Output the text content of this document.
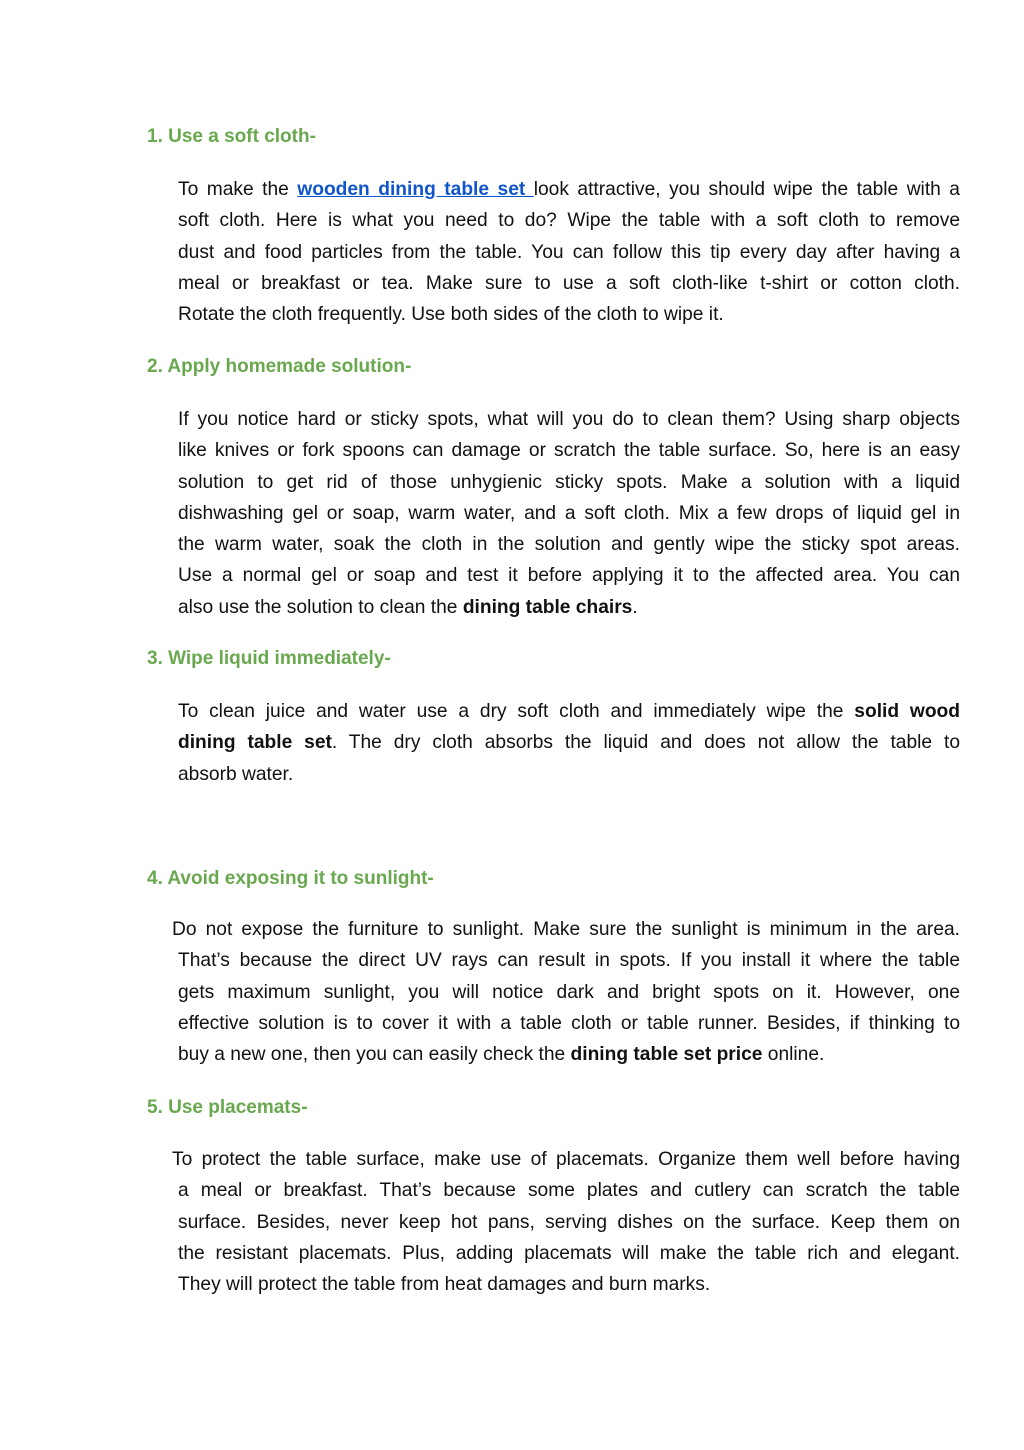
1. Use a soft cloth-
To make the wooden dining table set look attractive, you should wipe the table with a
soft cloth. Here is what you need to do? Wipe the table with a soft cloth to remove
dust and food particles from the table. You can follow this tip every day after having a
meal or breakfast or tea. Make sure to use a soft cloth-like t-shirt or cotton cloth.
Rotate the cloth frequently. Use both sides of the cloth to wipe it.
2. Apply homemade solution-
If you notice hard or sticky spots, what will you do to clean them? Using sharp objects
like knives or fork spoons can damage or scratch the table surface. So, here is an easy
solution to get rid of those unhygienic sticky spots. Make a solution with a liquid
dishwashing gel or soap, warm water, and a soft cloth. Mix a few drops of liquid gel in
the warm water, soak the cloth in the solution and gently wipe the sticky spot areas.
Use a normal gel or soap and test it before applying it to the affected area. You can
also use the solution to clean the dining table chairs.
3. Wipe liquid immediately-
To clean juice and water use a dry soft cloth and immediately wipe the solid wood
dining table set. The dry cloth absorbs the liquid and does not allow the table to
absorb water.
4. Avoid exposing it to sunlight-
Do not expose the furniture to sunlight. Make sure the sunlight is minimum in the area.
That’s because the direct UV rays can result in spots. If you install it where the table
gets maximum sunlight, you will notice dark and bright spots on it. However, one
effective solution is to cover it with a table cloth or table runner. Besides, if thinking to
buy a new one, then you can easily check the dining table set price online.
5. Use placemats-
To protect the table surface, make use of placemats. Organize them well before having
a meal or breakfast. That’s because some plates and cutlery can scratch the table
surface. Besides, never keep hot pans, serving dishes on the surface. Keep them on
the resistant placemats. Plus, adding placemats will make the table rich and elegant.
They will protect the table from heat damages and burn marks.
